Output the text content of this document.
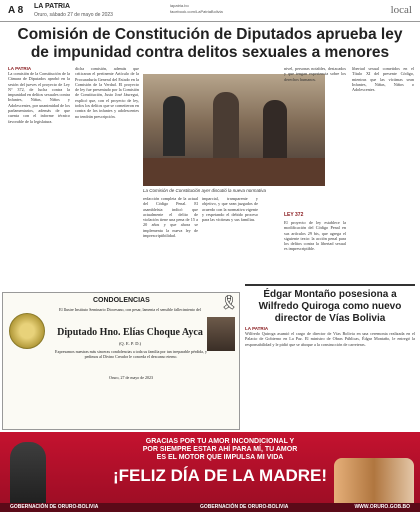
A 8 LA PATRIA
Oruro, sábado 27 de mayo de 2023
lapatria.bo
facebook.com/LaPatriaBolivia	local
Comisión de Constitución de Diputados aprueba ley de impunidad contra delitos sexuales a menores
LA PATRIA
La comisión de la Constitución de la Cámara de Diputados aprobó en la sesión del jueves el proyecto de Ley N° 372, de lucha contra la impunidad en delitos sexuales contra Infantes, Niñas, Niños y Adolescentes, por unanimidad de los parlamentarios, además de que cuenta con el informe técnico favorable de la legislatura.
dicha comisión, además que criticaran el pertinente Artículo de la Procuraduría General del Estado en la Comisión de la Verdad. El proyecto de ley fue presentado por la Comisión de Constitución, Justo José Jáuregui, explicó que, con el proyecto de ley, todos los delitos que se cometieron en contra de los infantes y adolescentes no tendrán prescripción.
La Comisión de Constitución ayer discutió la nueva normativa
redacción completa de la actual del Código Penal. El asambleísta indicó que actualmente el delito de violación tiene una pena de 15 a 20 años y que ahora se implementa la nueva ley de imprescriptibilidad.
imparcial, transparente y objetivo, y que sean juzgados de acuerdo con la normativa vigente y respetando el debido proceso para las víctimas y sus familias.
nivel, personas notables, destacados y que tengan experiencia sobre los derechos humanos.
LEY 372
El proyecto de ley establece la modificación del Código Penal en sus artículos 29 bis, que agrega el siguiente texto: la acción penal para los delitos contra la libertad sexual es imprescriptible.
libertad sexual cometidos en el Título XI del presente Código, mientras que las víctimas sean Infantes, Niñas, Niños o Adolescentes.
Édgar Montaño posesiona a Wilfredo Quiroga como nuevo director de Vías Bolivia
LA PATRIA
Wilfredo Quiroga asumió el cargo de director de Vías Bolivia en una ceremonia realizada en el Palacio de Gobierno en La Paz. El ministro de Obras Públicas, Édgar Montaño, le entregó la responsabilidad y le pidió que se aboque a la construcción de carreteras.
CONDOLENCIAS
El Ilustre Instituto Seminario Diocesano, con pesar, lamenta el sensible fallecimiento del
Diputado Hno. Elías Choque Ayca
(Q. E. P. D.)
Expresamos nuestras más sinceras condolencias a toda su familia por tan irreparable pérdida, y pedimos al Divino Creador le conceda el descanso eterno.
Oruro, 27 de mayo de 2023
🎗
GRACIAS POR TU AMOR INCONDICIONAL Y
POR SIEMPRE ESTAR AHÍ PARA MÍ, TU AMOR
ES EL MOTOR QUE IMPULSA MI VIDA
¡FELIZ DÍA DE LA MADRE!
GOBERNACIÓN DE ORURO-BOLIVIA	GOBERNACIÓN DE ORURO-BOLIVIA	WWW.ORURO.GOB.BO
